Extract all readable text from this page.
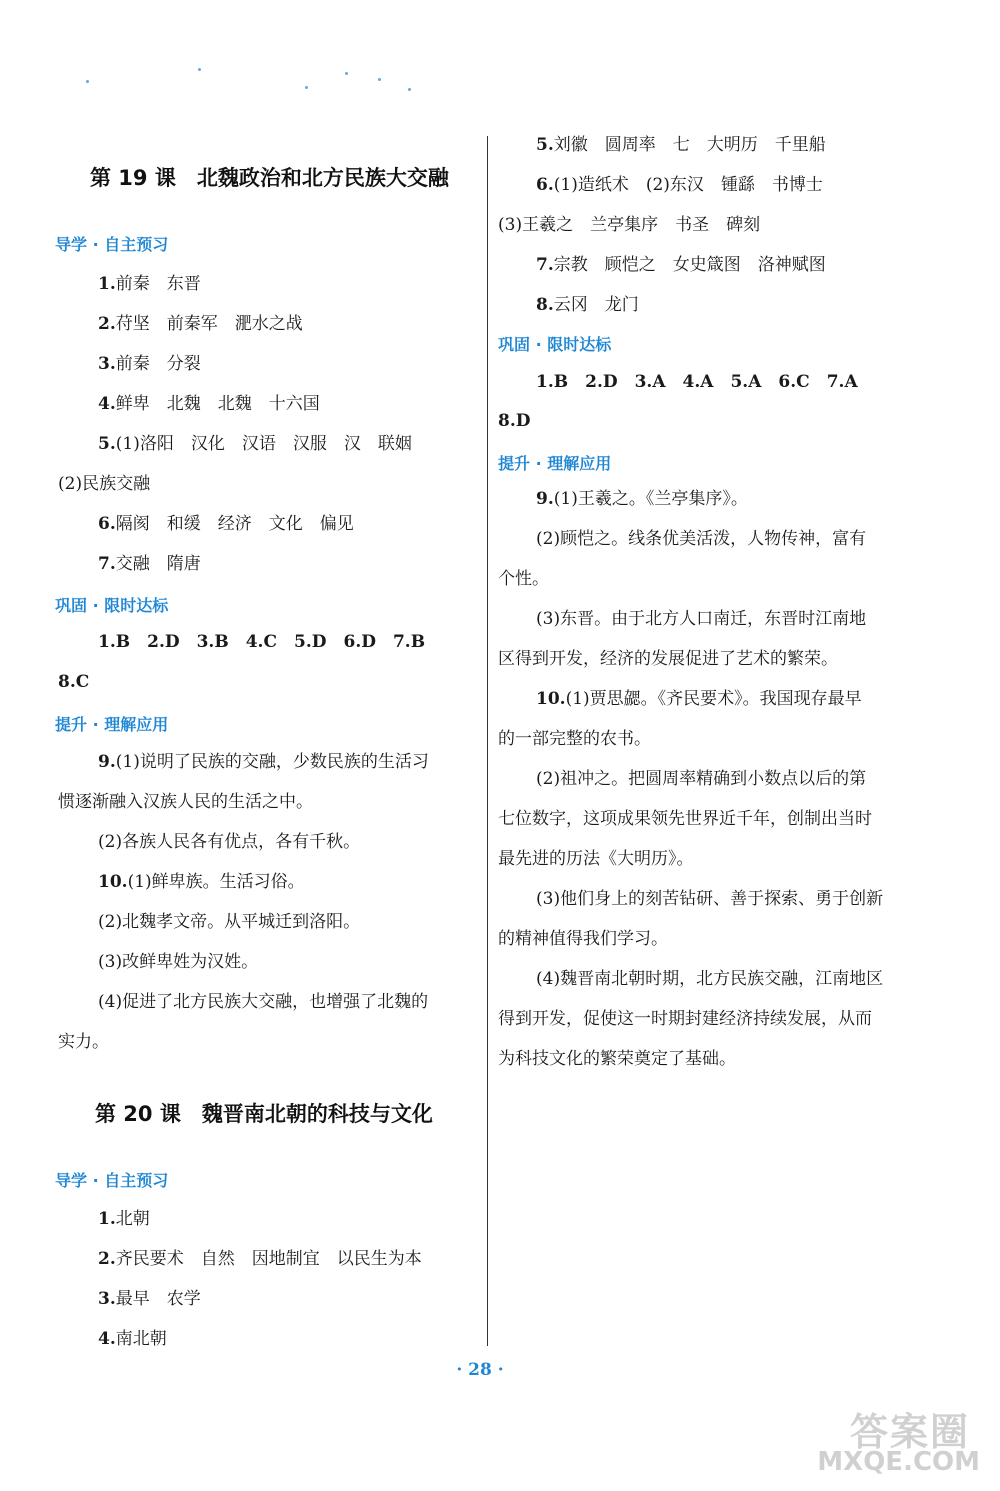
第 19 课　北魏政治和北方民族大交融
导学 · 自主预习
1.前秦　东晋
2.苻坚　前秦军　淝水之战
3.前秦　分裂
4.鲜卑　北魏　北魏　十六国
5.(1)洛阳　汉化　汉语　汉服　汉　联姻
(2)民族交融
6.隔阂　和缓　经济　文化　偏见
7.交融　隋唐
巩固 · 限时达标
1.B　2.D　3.B　4.C　5.D　6.D　7.B
8.C
提升 · 理解应用
9.(1)说明了民族的交融，少数民族的生活习
惯逐渐融入汉族人民的生活之中。
(2)各族人民各有优点，各有千秋。
10.(1)鲜卑族。生活习俗。
(2)北魏孝文帝。从平城迁到洛阳。
(3)改鲜卑姓为汉姓。
(4)促进了北方民族大交融，也增强了北魏的
实力。
第 20 课　魏晋南北朝的科技与文化
导学 · 自主预习
1.北朝
2.齐民要术　自然　因地制宜　以民生为本
3.最早　农学
4.南北朝
5.刘徽　圆周率　七　大明历　千里船
6.(1)造纸术　(2)东汉　锺繇　书博士
(3)王羲之　兰亭集序　书圣　碑刻
7.宗教　顾恺之　女史箴图　洛神赋图
8.云冈　龙门
巩固 · 限时达标
1.B　2.D　3.A　4.A　5.A　6.C　7.A
8.D
提升 · 理解应用
9.(1)王羲之。《兰亭集序》。
(2)顾恺之。线条优美活泼，人物传神，富有
个性。
(3)东晋。由于北方人口南迁，东晋时江南地
区得到开发，经济的发展促进了艺术的繁荣。
10.(1)贾思勰。《齐民要术》。我国现存最早
的一部完整的农书。
(2)祖冲之。把圆周率精确到小数点以后的第
七位数字，这项成果领先世界近千年，创制出当时
最先进的历法《大明历》。
(3)他们身上的刻苦钻研、善于探索、勇于创新
的精神值得我们学习。
(4)魏晋南北朝时期，北方民族交融，江南地区
得到开发，促使这一时期封建经济持续发展，从而
为科技文化的繁荣奠定了基础。
· 28 ·
答案圈
MXQE.COM
